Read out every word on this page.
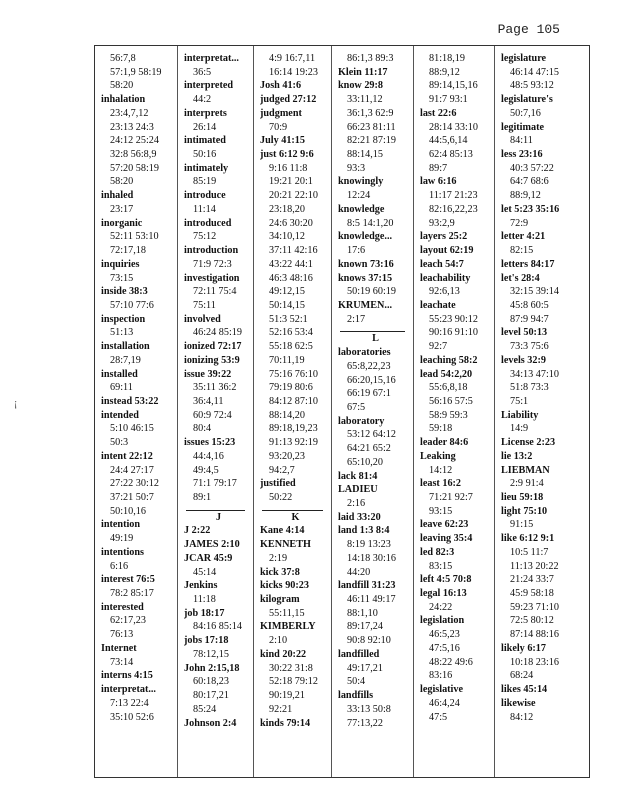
Page 105
¡
56:7,8
57:1,9 58:19
58:20
inhalation
23:4,7,12
23:13 24:3
24:12 25:24
32:8 56:8,9
57:20 58:19
58:20
inhaled
23:17
inorganic
52:11 53:10
72:17,18
inquiries
73:15
inside 38:3
57:10 77:6
inspection
51:13
installation
28:7,19
installed
69:11
instead 53:22
intended
5:10 46:15
50:3
intent 22:12
24:4 27:17
27:22 30:12
37:21 50:7
50:10,16
intention
49:19
intentions
6:16
interest 76:5
78:2 85:17
interested
62:17,23
76:13
Internet
73:14
interns 4:15
interpretat...
7:13 22:4
35:10 52:6
interpretat...
36:5
interpreted
44:2
interprets
26:14
intimated
50:16
intimately
85:19
introduce
11:14
introduced
75:12
introduction
71:9 72:3
investigation
72:11 75:4
75:11
involved
46:24 85:19
ionized 72:17
ionizing 53:9
issue 39:22
35:11 36:2
36:4,11
60:9 72:4
80:4
issues 15:23
44:4,16
49:4,5
71:1 79:17
89:1
J
J 2:22
JAMES 2:10
JCAR 45:9
45:14
Jenkins
11:18
job 18:17
84:16 85:14
jobs 17:18
78:12,15
John 2:15,18
60:18,23
80:17,21
85:24
Johnson 2:4
4:9 16:7,11
16:14 19:23
Josh 41:6
judged 27:12
judgment
70:9
July 41:15
just 6:12 9:6
9:16 11:8
19:21 20:1
20:21 22:10
23:18,20
24:6 30:20
34:10,12
37:11 42:16
43:22 44:1
46:3 48:16
49:12,15
50:14,15
51:3 52:1
52:16 53:4
55:18 62:5
70:11,19
75:16 76:10
79:19 80:6
84:12 87:10
88:14,20
89:18,19,23
91:13 92:19
93:20,23
94:2,7
justified
50:22
K
Kane 4:14
KENNETH
2:19
kick 37:8
kicks 90:23
kilogram
55:11,15
KIMBERLY
2:10
kind 20:22
30:22 31:8
52:18 79:12
90:19,21
92:21
kinds 79:14
86:1,3 89:3
Klein 11:17
know 29:8
33:11,12
36:1,3 62:9
66:23 81:11
82:21 87:19
88:14,15
93:3
knowingly
12:24
knowledge
8:5 14:1,20
knowledge...
17:6
known 73:16
knows 37:15
50:19 60:19
KRUMEN...
2:17
L
laboratories
65:8,22,23
66:20,15,16
66:19 67:1
67:5
laboratory
53:12 64:12
64:21 65:2
65:10,20
lack 81:4
LADIEU
2:16
laid 33:20
land 1:3 8:4
8:19 13:23
14:18 30:16
44:20
landfill 31:23
46:11 49:17
88:1,10
89:17,24
90:8 92:10
landfilled
49:17,21
50:4
landfills
33:13 50:8
77:13,22
81:18,19
88:9,12
89:14,15,16
91:7 93:1
last 22:6
28:14 33:10
44:5,6,14
62:4 85:13
89:7
law 6:16
11:17 21:23
82:16,22,23
93:2,9
layers 25:2
layout 62:19
leach 54:7
leachability
92:6,13
leachate
55:23 90:12
90:16 91:10
92:7
leaching 58:2
lead 54:2,20
55:6,8,18
56:16 57:5
58:9 59:3
59:18
leader 84:6
Leaking
14:12
least 16:2
71:21 92:7
93:15
leave 62:23
leaving 35:4
led 82:3
83:15
left 4:5 70:8
legal 16:13
24:22
legislation
46:5,23
47:5,16
48:22 49:6
83:16
legislative
46:4,24
47:5
legislature
46:14 47:15
48:5 93:12
legislature's
50:7,16
legitimate
84:11
less 23:16
40:3 57:22
64:7 68:6
88:9,12
let 5:23 35:16
72:9
letter 4:21
82:15
letters 84:17
let's 28:4
32:15 39:14
45:8 60:5
87:9 94:7
level 50:13
73:3 75:6
levels 32:9
34:13 47:10
51:8 73:3
75:1
Liability
14:9
License 2:23
lie 13:2
LIEBMAN
2:9 91:4
lieu 59:18
light 75:10
91:15
like 6:12 9:1
10:5 11:7
11:13 20:22
21:24 33:7
45:9 58:18
59:23 71:10
72:5 80:12
87:14 88:16
likely 6:17
10:18 23:16
68:24
likes 45:14
likewise
84:12
